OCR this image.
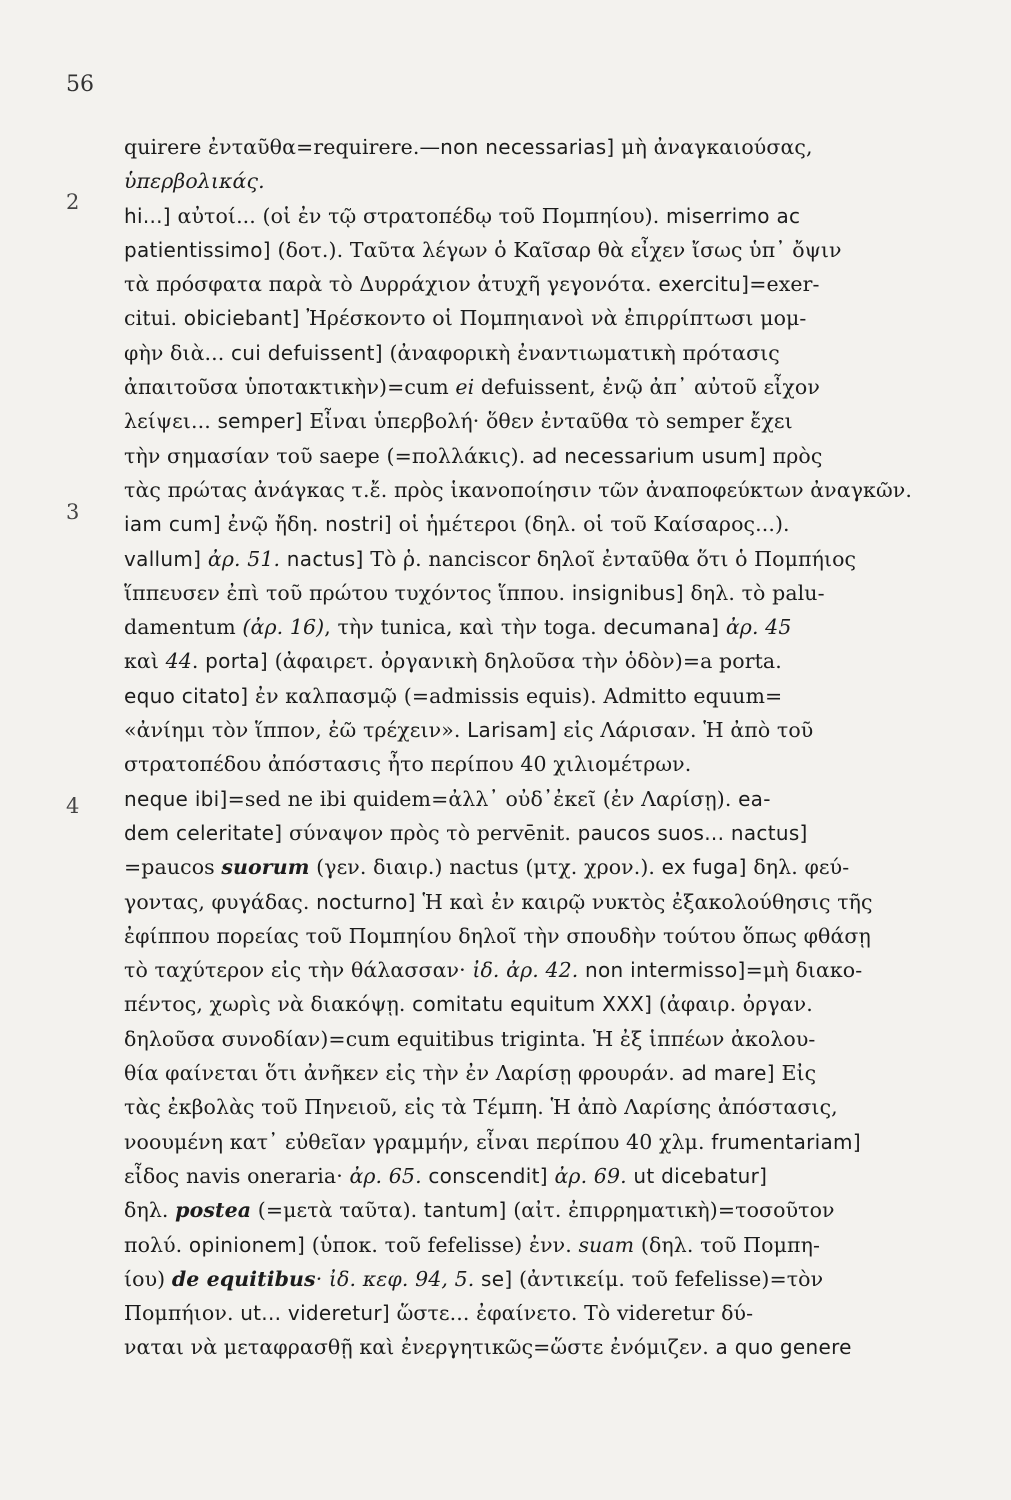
56
2
3
4
quirere ἐνταῦθα=requirere.—non necessarias] μὴ ἀναγκαιούσας,
ὑπερβολικάς.
hi...] αὐτοί... (οἱ ἐν τῷ στρατοπέδῳ τοῦ Πομπηίου). miserrimo ac
patientissimo] (δοτ.). Ταῦτα λέγων ὁ Καῖσαρ θὰ εἶχεν ἴσως ὑπ᾽ ὄψιν
τὰ πρόσφατα παρὰ τὸ Δυρράχιον ἀτυχῆ γεγονότα. exercitu]=exer-
citui. obiciebant] Ἠρέσκοντο οἱ Πομπηιανοὶ νὰ ἐπιρρίπτωσι μομ-
φὴν διὰ... cui defuissent] (ἀναφορικὴ ἐναντιωματικὴ πρότασις
ἀπαιτοῦσα ὑποτακτικὴν)=cum ei defuissent, ἐνῷ ἀπ᾽ αὐτοῦ εἶχον
λείψει... semper] Εἶναι ὑπερβολή· ὅθεν ἐνταῦθα τὸ semper ἔχει
τὴν σημασίαν τοῦ saepe (=πολλάκις). ad necessarium usum] πρὸς
τὰς πρώτας ἀνάγκας τ.ἔ. πρὸς ἱκανοποίησιν τῶν ἀναποφεύκτων ἀναγκῶν.
iam cum] ἐνῷ ἤδη. nostri] οἱ ἡμέτεροι (δηλ. οἱ τοῦ Καίσαρος...).
vallum] ἀρ. 51. nactus] Τὸ ῥ. nanciscor δηλοῖ ἐνταῦθα ὅτι ὁ Πομπήιος
ἵππευσεν ἐπὶ τοῦ πρώτου τυχόντος ἵππου. insignibus] δηλ. τὸ palu-
damentum (ἀρ. 16), τὴν tunica, καὶ τὴν toga. decumana] ἀρ. 45
καὶ 44. porta] (ἀφαιρετ. ὀργανικὴ δηλοῦσα τὴν ὁδὸν)=a porta.
equo citato] ἐν καλπασμῷ (=admissis equis). Admitto equum=
«ἀνίημι τὸν ἵππον, ἐῶ τρέχειν». Larisam] εἰς Λάρισαν. Ἡ ἀπὸ τοῦ
στρατοπέδου ἀπόστασις ἦτο περίπου 40 χιλιομέτρων.
neque ibi]=sed ne ibi quidem=ἀλλ᾽ οὐδ᾽ἐκεῖ (ἐν Λαρίσῃ). ea-
dem celeritate] σύναψον πρὸς τὸ pervēnit. paucos suos... nactus]
=paucos suorum (γεν. διαιρ.) nactus (μτχ. χρον.). ex fuga] δηλ. φεύ-
γοντας, φυγάδας. nocturno] Ἡ καὶ ἐν καιρῷ νυκτὸς ἐξακολούθησις τῆς
ἐφίππου πορείας τοῦ Πομπηίου δηλοῖ τὴν σπουδὴν τούτου ὅπως φθάσῃ
τὸ ταχύτερον εἰς τὴν θάλασσαν· ἰδ. ἀρ. 42. non intermisso]=μὴ διακο-
πέντος, χωρὶς νὰ διακόψῃ. comitatu equitum XXX] (ἀφαιρ. ὀργαν.
δηλοῦσα συνοδίαν)=cum equitibus triginta. Ἡ ἐξ ἱππέων ἀκολου-
θία φαίνεται ὅτι ἀνῆκεν εἰς τὴν ἐν Λαρίσῃ φρουράν. ad mare] Εἰς
τὰς ἐκβολὰς τοῦ Πηνειοῦ, εἰς τὰ Τέμπη. Ἡ ἀπὸ Λαρίσης ἀπόστασις,
νοουμένη κατ᾽ εὐθεῖαν γραμμήν, εἶναι περίπου 40 χλμ. frumentariam]
εἶδος navis oneraria· ἀρ. 65. conscendit] ἀρ. 69. ut dicebatur]
δηλ. postea (=μετὰ ταῦτα). tantum] (αἰτ. ἐπιρρηματικὴ)=τοσοῦτον
πολύ. opinionem] (ὑποκ. τοῦ fefelisse) ἐνν. suam (δηλ. τοῦ Πομπη-
ίου) de equitibus· ἰδ. κεφ. 94, 5. se] (ἀντικείμ. τοῦ fefelisse)=τὸν
Πομπήιον. ut... videretur] ὥστε... ἐφαίνετο. Τὸ videretur δύ-
ναται νὰ μεταφρασθῇ καὶ ἐνεργητικῶς=ὥστε ἐνόμιζεν. a quo genere
